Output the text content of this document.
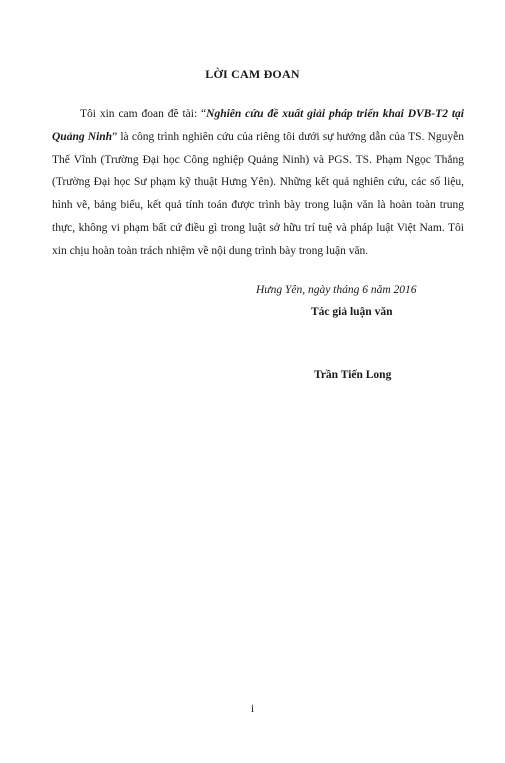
LỜI CAM ĐOAN

Tôi xin cam đoan đề tài: “Nghiên cứu đề xuất giải pháp triển khai DVB-T2 tại Quảng Ninh” là công trình nghiên cứu của riêng tôi dưới sự hướng dẫn của TS. Nguyễn Thế Vĩnh (Trường Đại học Công nghiệp Quảng Ninh) và PGS. TS. Phạm Ngọc Thắng (Trường Đại học Sư phạm kỹ thuật Hưng Yên). Những kết quả nghiên cứu, các số liệu, hình vẽ, bảng biểu, kết quả tính toán được trình bày trong luận văn là hoàn toàn trung thực, không vi phạm bất cứ điều gì trong luật sở hữu trí tuệ và pháp luật Việt Nam. Tôi xin chịu hoàn toàn trách nhiệm về nội dung trình bày trong luận văn.

Hưng Yên, ngày tháng 6 năm 2016
Tác giả luận văn
Trần Tiến Long
i
